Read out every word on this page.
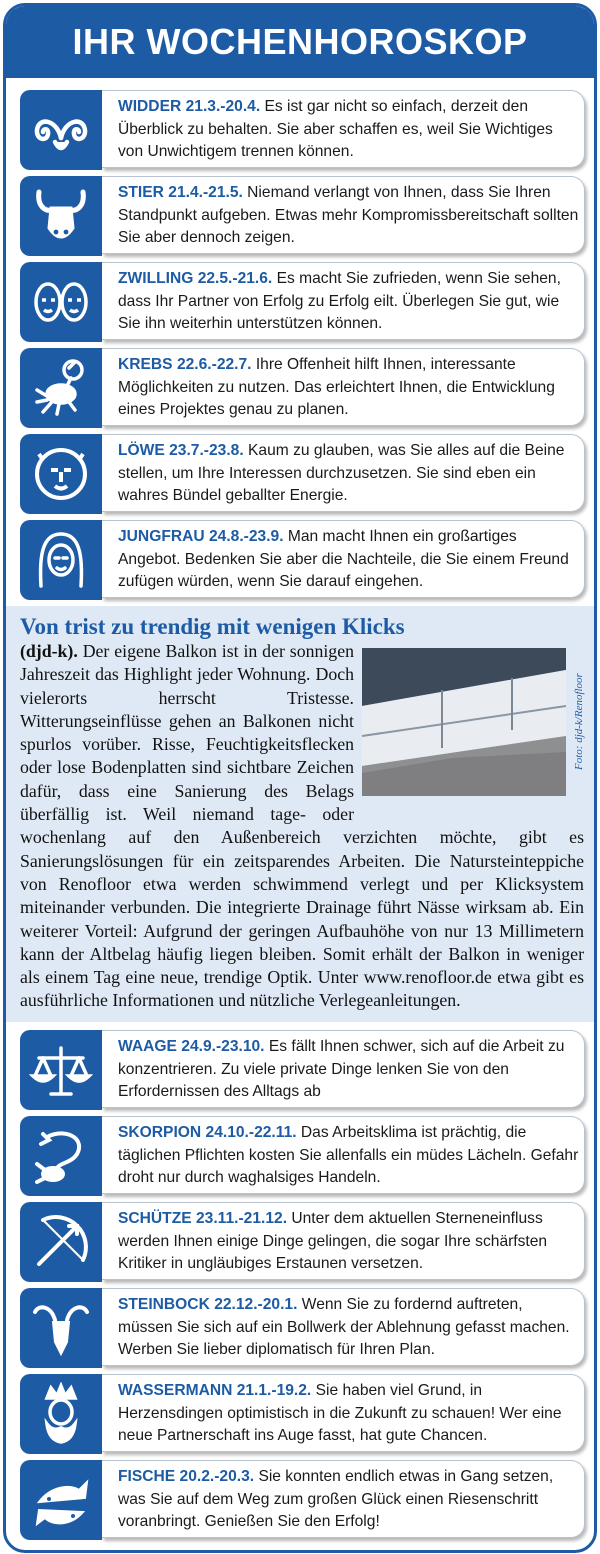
IHR WOCHENHOROSKOP
WIDDER 21.3.-20.4. Es ist gar nicht so einfach, derzeit den Überblick zu behalten. Sie aber schaffen es, weil Sie Wichtiges von Unwichtigem trennen können.
STIER 21.4.-21.5. Niemand verlangt von Ihnen, dass Sie Ihren Standpunkt aufgeben. Etwas mehr Kompromissbereitschaft sollten Sie aber dennoch zeigen.
ZWILLING 22.5.-21.6. Es macht Sie zufrieden, wenn Sie sehen, dass Ihr Partner von Erfolg zu Erfolg eilt. Überlegen Sie gut, wie Sie ihn weiterhin unterstützen können.
KREBS 22.6.-22.7. Ihre Offenheit hilft Ihnen, interessante Möglichkeiten zu nutzen. Das erleichtert Ihnen, die Entwicklung eines Projektes genau zu planen.
LÖWE 23.7.-23.8. Kaum zu glauben, was Sie alles auf die Beine stellen, um Ihre Interessen durchzusetzen. Sie sind eben ein wahres Bündel geballter Energie.
JUNGFRAU 24.8.-23.9. Man macht Ihnen ein großartiges Angebot. Bedenken Sie aber die Nachteile, die Sie einem Freund zufügen würden, wenn Sie darauf eingehen.
Von trist zu trendig mit wenigen Klicks

Foto: djd-k/Renofloor
(djd-k). Der eigene Balkon ist in der sonnigen Jahreszeit das Highlight jeder Wohnung. Doch vielerorts herrscht Tristesse. Witterungseinflüsse gehen an Balkonen nicht spurlos vorüber. Risse, Feuchtigkeitsflecken oder lose Bodenplatten sind sichtbare Zeichen dafür, dass eine Sanierung des Belags überfällig ist. Weil niemand tage- oder wochenlang auf den Außenbereich verzichten möchte, gibt es Sanierungslösungen für ein zeitsparendes Arbeiten. Die Natursteinteppiche von Renofloor etwa werden schwimmend verlegt und per Klicksystem miteinander verbunden. Die integrierte Drainage führt Nässe wirksam ab. Ein weiterer Vorteil: Aufgrund der geringen Aufbauhöhe von nur 13 Millimetern kann der Altbelag häufig liegen bleiben. Somit erhält der Balkon in weniger als einem Tag eine neue, trendige Optik. Unter www.renofloor.de etwa gibt es ausführliche Informationen und nützliche Verlegeanleitungen.

WAAGE 24.9.-23.10. Es fällt Ihnen schwer, sich auf die Arbeit zu konzentrieren. Zu viele private Dinge lenken Sie von den Erfordernissen des Alltags ab
SKORPION 24.10.-22.11. Das Arbeitsklima ist prächtig, die täglichen Pflichten kosten Sie allenfalls ein müdes Lächeln. Gefahr droht nur durch waghalsiges Handeln.
SCHÜTZE 23.11.-21.12. Unter dem aktuellen Sterneneinfluss werden Ihnen einige Dinge gelingen, die sogar Ihre schärfsten Kritiker in ungläubiges Erstaunen versetzen.
STEINBOCK 22.12.-20.1. Wenn Sie zu fordernd auftreten, müssen Sie sich auf ein Bollwerk der Ablehnung gefasst machen. Werben Sie lieber diplomatisch für Ihren Plan.
WASSERMANN 21.1.-19.2. Sie haben viel Grund, in Herzensdingen optimistisch in die Zukunft zu schauen! Wer eine neue Partnerschaft ins Auge fasst, hat gute Chancen.
FISCHE 20.2.-20.3. Sie konnten endlich etwas in Gang setzen, was Sie auf dem Weg zum großen Glück einen Riesenschritt voranbringt. Genießen Sie den Erfolg!
